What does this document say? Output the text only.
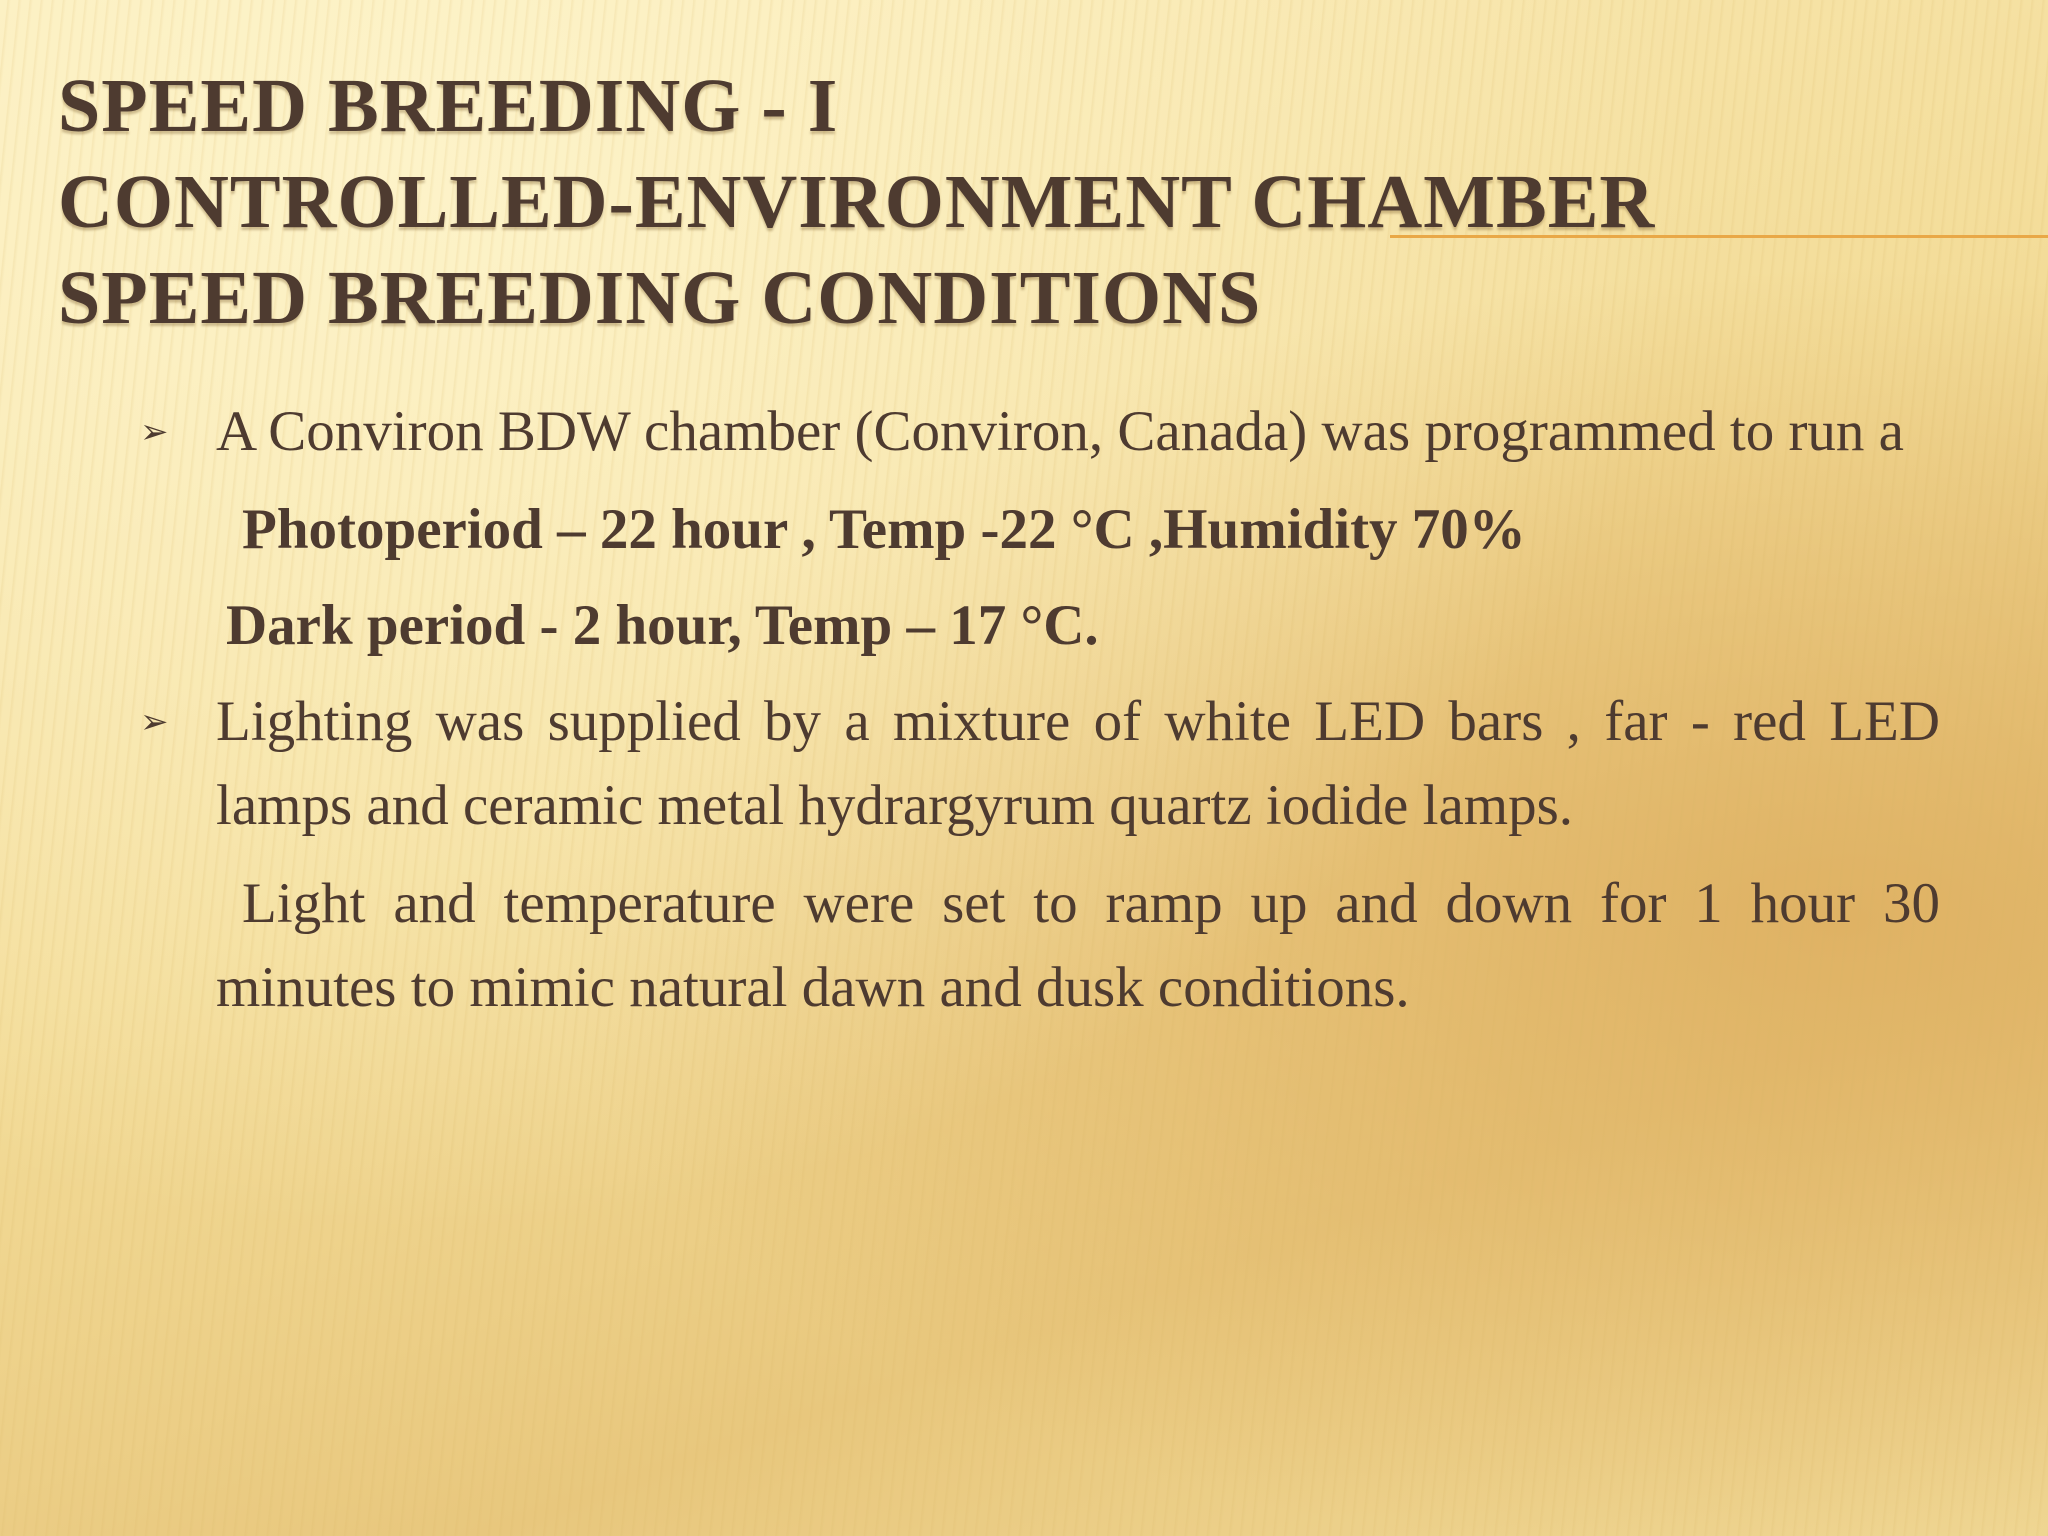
SPEED BREEDING - I
CONTROLLED-ENVIRONMENT CHAMBER
SPEED BREEDING CONDITIONS
➢ A Conviron BDW chamber (Conviron, Canada) was programmed to run a
Photoperiod – 22 hour , Temp -22 °C ,Humidity 70%
Dark period - 2 hour, Temp – 17 °C.
➢ Lighting was supplied by a mixture of white LED bars , far - red LED lamps and ceramic metal hydrargyrum quartz iodide lamps.
Light and temperature were set to ramp up and down for 1 hour 30 minutes to mimic natural dawn and dusk conditions.
